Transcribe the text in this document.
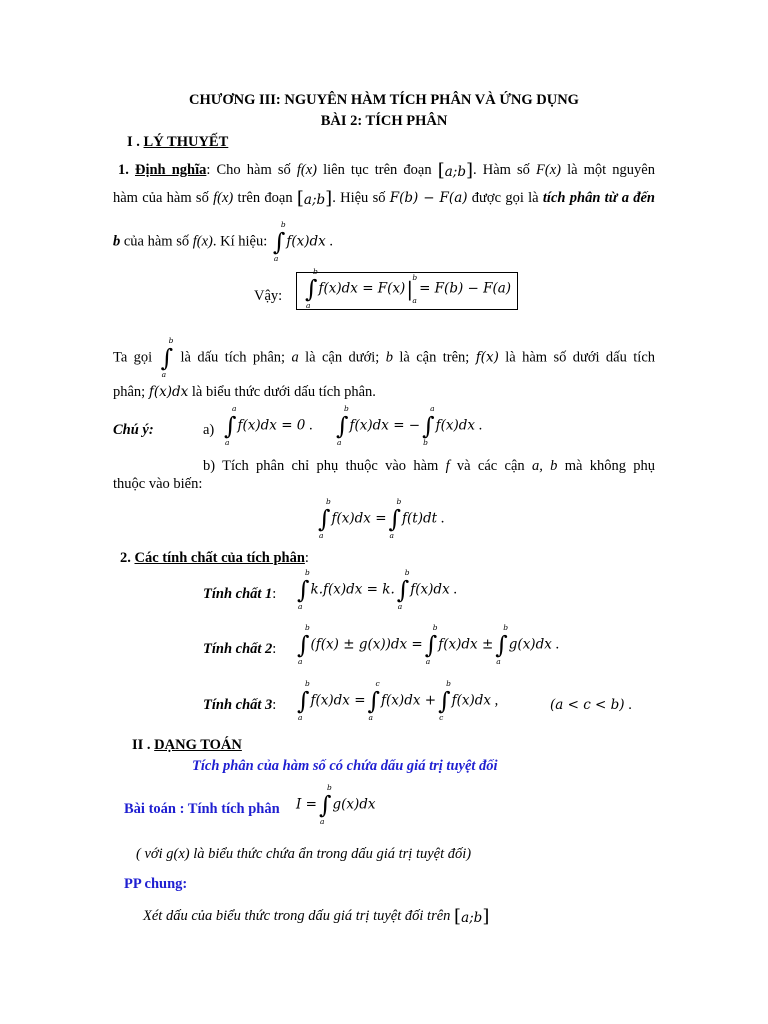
CHƯƠNG III: NGUYÊN HÀM TÍCH PHÂN VÀ ỨNG DỤNG
BÀI 2: TÍCH PHÂN
I . LÝ THUYẾT
1. Định nghĩa: Cho hàm số f(x) liên tục trên đoạn [a;b]. Hàm số F(x) là một nguyên
hàm của hàm số f(x) trên đoạn [a;b]. Hiệu số F(b) − F(a) được gọi là tích phân từ a đến
b của hàm số f(x). Kí hiệu: ∫
b
a
f(x)dx .
Vậy: ∫
b
a
f(x)dx = F(x)| b
a
= F(b) − F(a)
Ta gọi ∫
b
a
là dấu tích phân; a là cận dưới; b là cận trên; f(x) là hàm số dưới dấu tích
phân; f(x)dx là biểu thức dưới dấu tích phân.
Chú ý:	a) ∫
a
a
f(x)dx = 0 . ∫
b
a
f(x)dx = −∫
a
b
f(x)dx .
b) Tích phân chỉ phụ thuộc vào hàm f và các cận a, b mà không phụ
thuộc vào biến:
∫
b
a
f(x)dx =∫
b
a
f(t)dt .
2. Các tính chất của tích phân:
Tính chất 1: ∫
b
a
k.f(x)dx = k.∫
b
a
f(x)dx .
Tính chất 2: ∫
b
a
(f(x) ± g(x))dx =∫
b
a
f(x)dx ±∫
b
a
g(x)dx .
Tính chất 3: ∫
b
a
f(x)dx =∫
c
a
f(x)dx +∫
b
c
f(x)dx ,	(a < c < b) .
II . DẠNG TOÁN
Tích phân của hàm số có chứa dấu giá trị tuyệt đối
Bài toán : Tính tích phân I =∫
b
a
g(x)dx
( với g(x) là biểu thức chứa ẩn trong dấu giá trị tuyệt đối)
PP chung:
Xét dấu của biểu thức trong dấu giá trị tuyệt đối trên [a;b]
